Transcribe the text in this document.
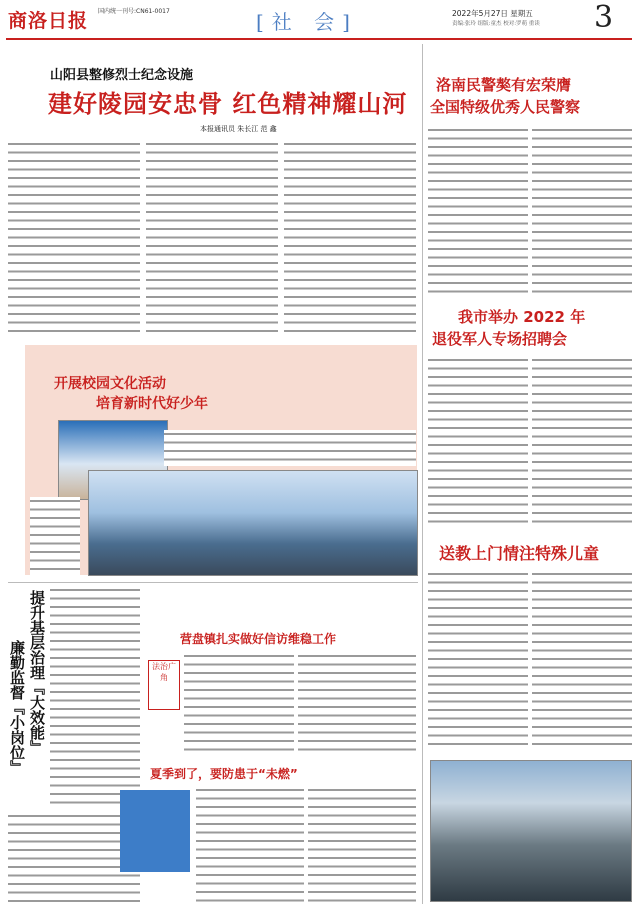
商洛日报 国内统一刊号:CN61-0017	[社 会]	2022年5月27日 星期五
责编:张玲 组版:童杰 校对:罗萌 重读 3
山阳县整修烈士纪念设施
建好陵园安忠骨 红色精神耀山河
本报通讯员 朱长江 范 鑫
洛南民警獒有宏荣膺
全国特级优秀人民警察
我市举办 2022 年
退役军人专场招聘会
送教上门情注特殊儿童
开展校园文化活动
培育新时代好少年
提升基层治理『大效能』
廉勤监督『小岗位』
营盘镇扎实做好信访维稳工作
法治广角
夏季到了，要防患于“未燃”
